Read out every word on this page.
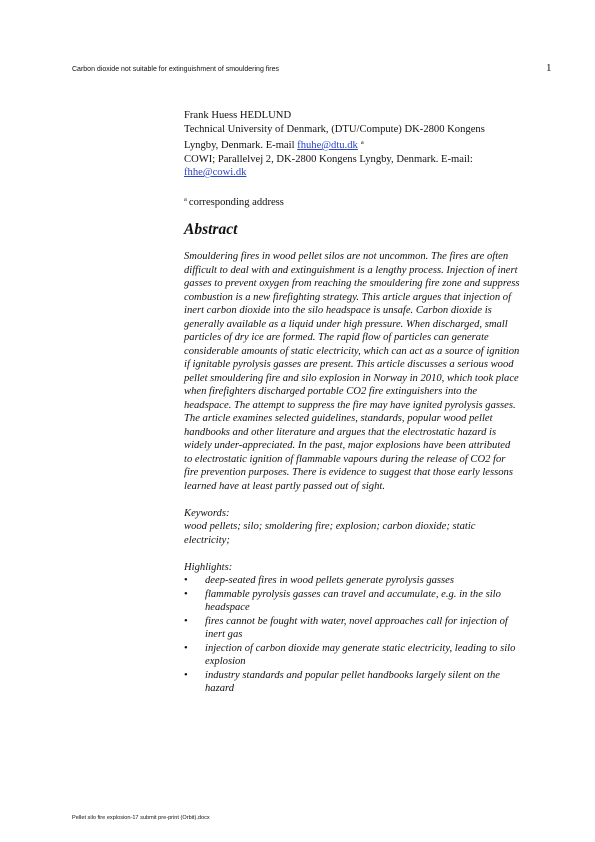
Carbon dioxide not suitable for extinguishment of smouldering fires	1
Frank Huess HEDLUND
Technical University of Denmark, (DTU/Compute) DK-2800 Kongens
Lyngby, Denmark. E-mail fhuhe@dtu.dk $^a$
COWI; Parallelvej 2, DK-2800 Kongens Lyngby, Denmark. E-mail:
fhhe@cowi.dk
$^a$ corresponding address
Abstract
Smouldering fires in wood pellet silos are not uncommon. The fires are often
difficult to deal with and extinguishment is a lengthy process. Injection of inert
gasses to prevent oxygen from reaching the smouldering fire zone and suppress
combustion is a new firefighting strategy. This article argues that injection of
inert carbon dioxide into the silo headspace is unsafe. Carbon dioxide is
generally available as a liquid under high pressure. When discharged, small
particles of dry ice are formed. The rapid flow of particles can generate
considerable amounts of static electricity, which can act as a source of ignition
if ignitable pyrolysis gasses are present. This article discusses a serious wood
pellet smouldering fire and silo explosion in Norway in 2010, which took place
when firefighters discharged portable CO2 fire extinguishers into the
headspace. The attempt to suppress the fire may have ignited pyrolysis gasses.
The article examines selected guidelines, standards, popular wood pellet
handbooks and other literature and argues that the electrostatic hazard is
widely under-appreciated. In the past, major explosions have been attributed
to electrostatic ignition of flammable vapours during the release of CO2 for
fire prevention purposes. There is evidence to suggest that those early lessons
learned have at least partly passed out of sight.
Keywords:
wood pellets; silo; smoldering fire; explosion; carbon dioxide; static
electricity;
Highlights:
• deep-seated fires in wood pellets generate pyrolysis gasses
• flammable pyrolysis gasses can travel and accumulate, e.g. in the silo
headspace
• fires cannot be fought with water, novel approaches call for injection of
inert gas
• injection of carbon dioxide may generate static electricity, leading to silo
explosion
• industry standards and popular pellet handbooks largely silent on the
hazard
Pellet silo fire explosion-17 submit pre-print (Orbit).docx
